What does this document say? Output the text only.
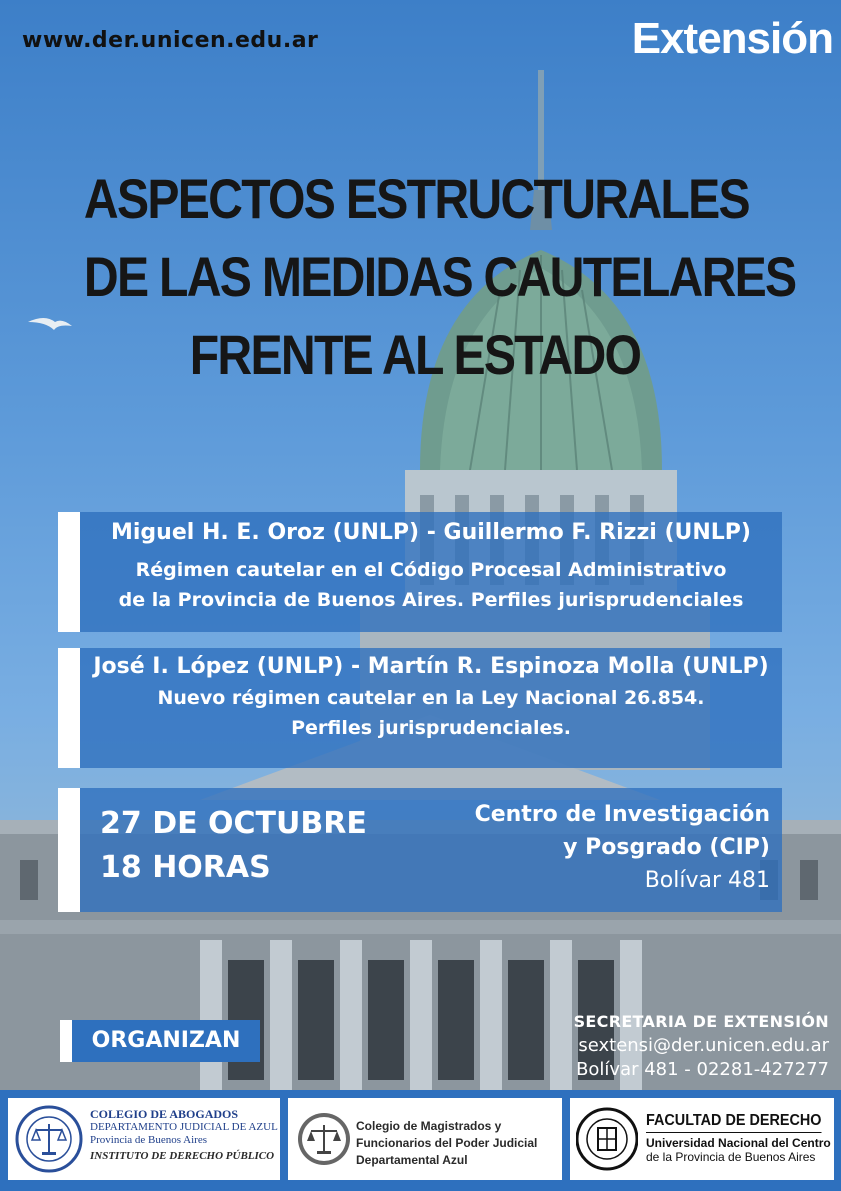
www.der.unicen.edu.ar	Extensión
ASPECTOS ESTRUCTURALES
DE LAS MEDIDAS CAUTELARES
FRENTE AL ESTADO
Miguel H. E. Oroz (UNLP) - Guillermo F. Rizzi (UNLP)
Régimen cautelar en el Código Procesal Administrativo
de la Provincia de Buenos Aires. Perfiles jurisprudenciales
José I. López (UNLP) - Martín R. Espinoza Molla (UNLP)
Nuevo régimen cautelar en la Ley Nacional 26.854.
Perfiles jurisprudenciales.
27 DE OCTUBRE
18 HORAS
Centro de Investigación
y Posgrado (CIP)
Bolívar 481
ORGANIZAN
SECRETARIA DE EXTENSIÓN
sextensi@der.unicen.edu.ar
Bolívar 481 - 02281-427277
COLEGIO DE ABOGADOS
DEPARTAMENTO JUDICIAL DE AZUL
Provincia de Buenos Aires
INSTITUTO DE DERECHO PÚBLICO
Colegio de Magistrados y
Funcionarios del Poder Judicial
Departamental Azul
FACULTAD DE DERECHO
Universidad Nacional del Centro
de la Provincia de Buenos Aires
